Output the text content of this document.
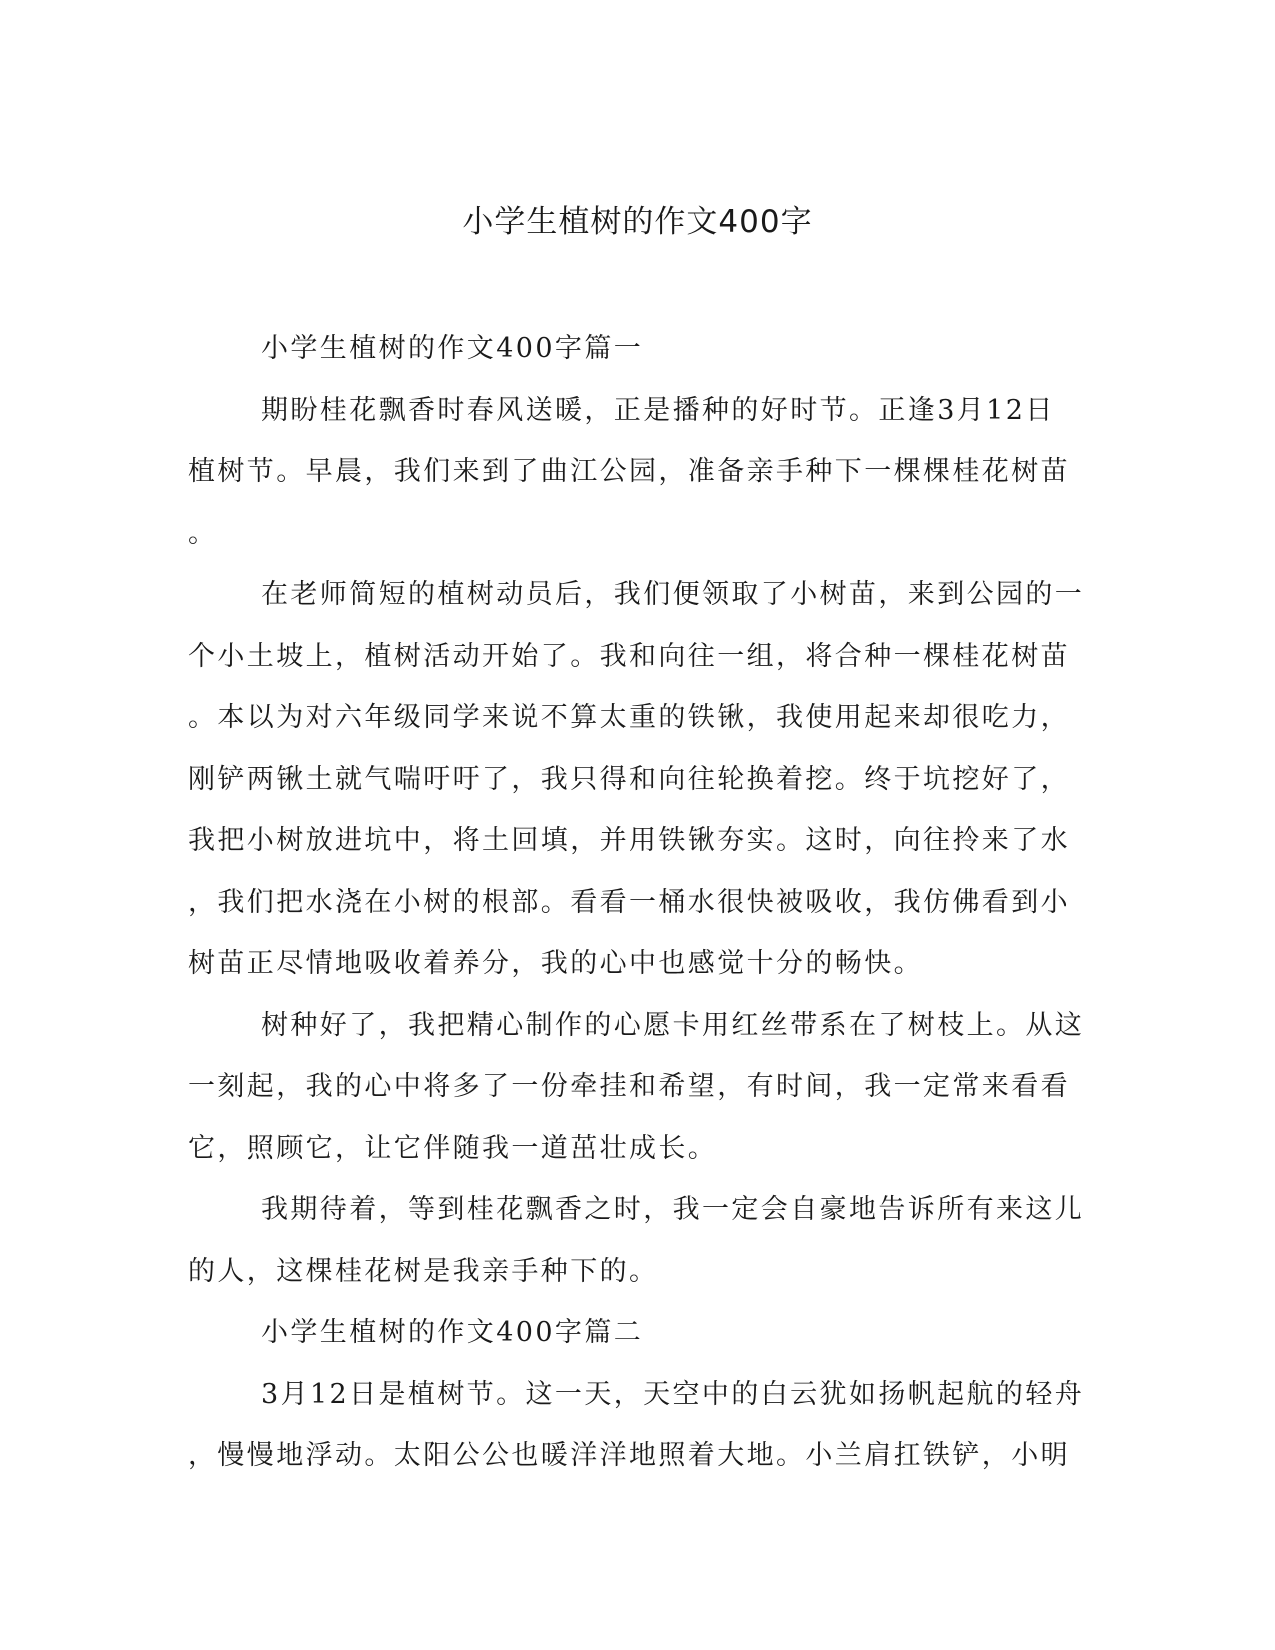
小学生植树的作文400字
小学生植树的作文400字篇一
期盼桂花飘香时春风送暖，正是播种的好时节。正逢3月12日
植树节。早晨，我们来到了曲江公园，准备亲手种下一棵棵桂花树苗
。
在老师简短的植树动员后，我们便领取了小树苗，来到公园的一
个小土坡上，植树活动开始了。我和向往一组，将合种一棵桂花树苗
。本以为对六年级同学来说不算太重的铁锹，我使用起来却很吃力，
刚铲两锹土就气喘吁吁了，我只得和向往轮换着挖。终于坑挖好了，
我把小树放进坑中，将土回填，并用铁锹夯实。这时，向往拎来了水
，我们把水浇在小树的根部。看看一桶水很快被吸收，我仿佛看到小
树苗正尽情地吸收着养分，我的心中也感觉十分的畅快。
树种好了，我把精心制作的心愿卡用红丝带系在了树枝上。从这
一刻起，我的心中将多了一份牵挂和希望，有时间，我一定常来看看
它，照顾它，让它伴随我一道茁壮成长。
我期待着，等到桂花飘香之时，我一定会自豪地告诉所有来这儿
的人，这棵桂花树是我亲手种下的。
小学生植树的作文400字篇二
3月12日是植树节。这一天，天空中的白云犹如扬帆起航的轻舟
，慢慢地浮动。太阳公公也暖洋洋地照着大地。小兰肩扛铁铲，小明
